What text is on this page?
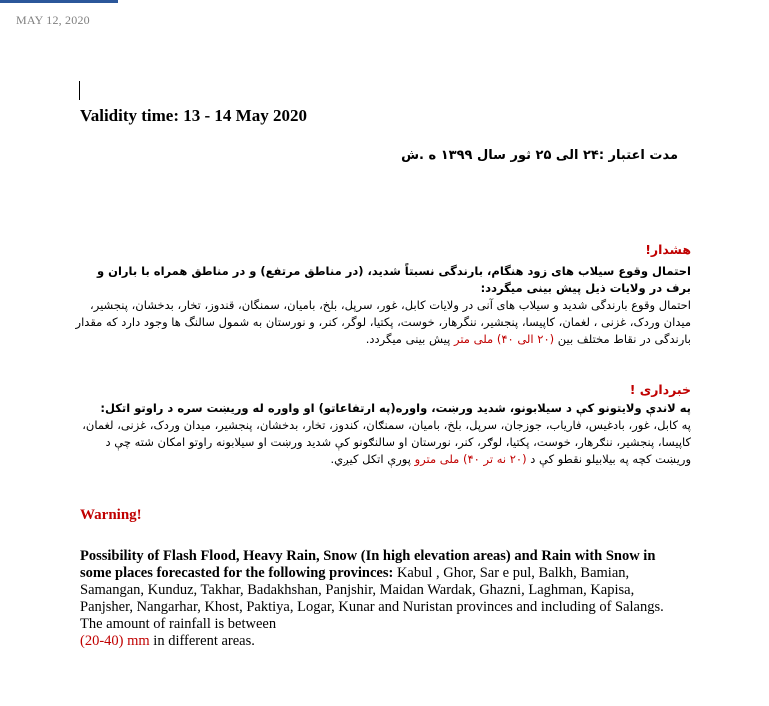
MAY 12, 2020
Validity time: 13 - 14 May 2020
مدت اعتبار :۲۴ الی ۲۵ ثور سال ۱۳۹۹ ه .ش
هشدار!
احتمال وقوع سیلاب های زود هنگام، بارندگی نسبتاً شدید، (در مناطق مرتفع) و در مناطق همراه با باران و برف در ولایات ذیل پیش بینی میگردد:
احتمال وقوع بارندگی شدید و سیلاب های آنی در ولایات کابل، غور، سرپل، بلخ، بامیان، سمنگان، قندوز، تخار، بدخشان، پنجشیر، میدان وردک، غزنی ، لغمان، کاپیسا، پنجشیر، ننگرهار، خوست، پکتیا، لوگر، کنر، و نورستان به شمول سالنگ ها وجود دارد که مقدار بارندگی در نقاط مختلف بین (۲۰ الی ۴۰) ملی متر پیش بینی میگردد.
خبرداری !
په لاندې ولایتونو کې د سیلابونو، شدید ورښت، واوره(په ارتفاعاتو) او واوره له وریښت سره د راوتو اتکل:
په کابل، غور، بادغیس، فاریاب، جوزجان، سرپل، بلخ، بامیان، سمنګان، کندوز، تخار، بدخشان، پنجشیر، میدان وردک، غزنی، لغمان، کاپیسا، پنجشیر، ننګرهار، خوست، پکتیا، لوګر، کنر، نورستان او سالنګونو کې شدید ورښت او سیلابونه راوتو امکان شته چې د وریښت کچه په بیلابیلو نقطو کې د (۲۰ نه تر ۴۰) ملی مترو پورې اتکل کیږي.
Warning!
Possibility of Flash Flood, Heavy Rain, Snow (In high elevation areas) and Rain with Snow in some places forecasted for the following provinces: Kabul , Ghor, Sar e pul, Balkh, Bamian, Samangan, Kunduz, Takhar, Badakhshan, Panjshir, Maidan Wardak, Ghazni, Laghman, Kapisa, Panjsher, Nangarhar, Khost, Paktiya, Logar, Kunar and Nuristan provinces and including of Salangs. The amount of rainfall is between
(20-40) mm in different areas.
